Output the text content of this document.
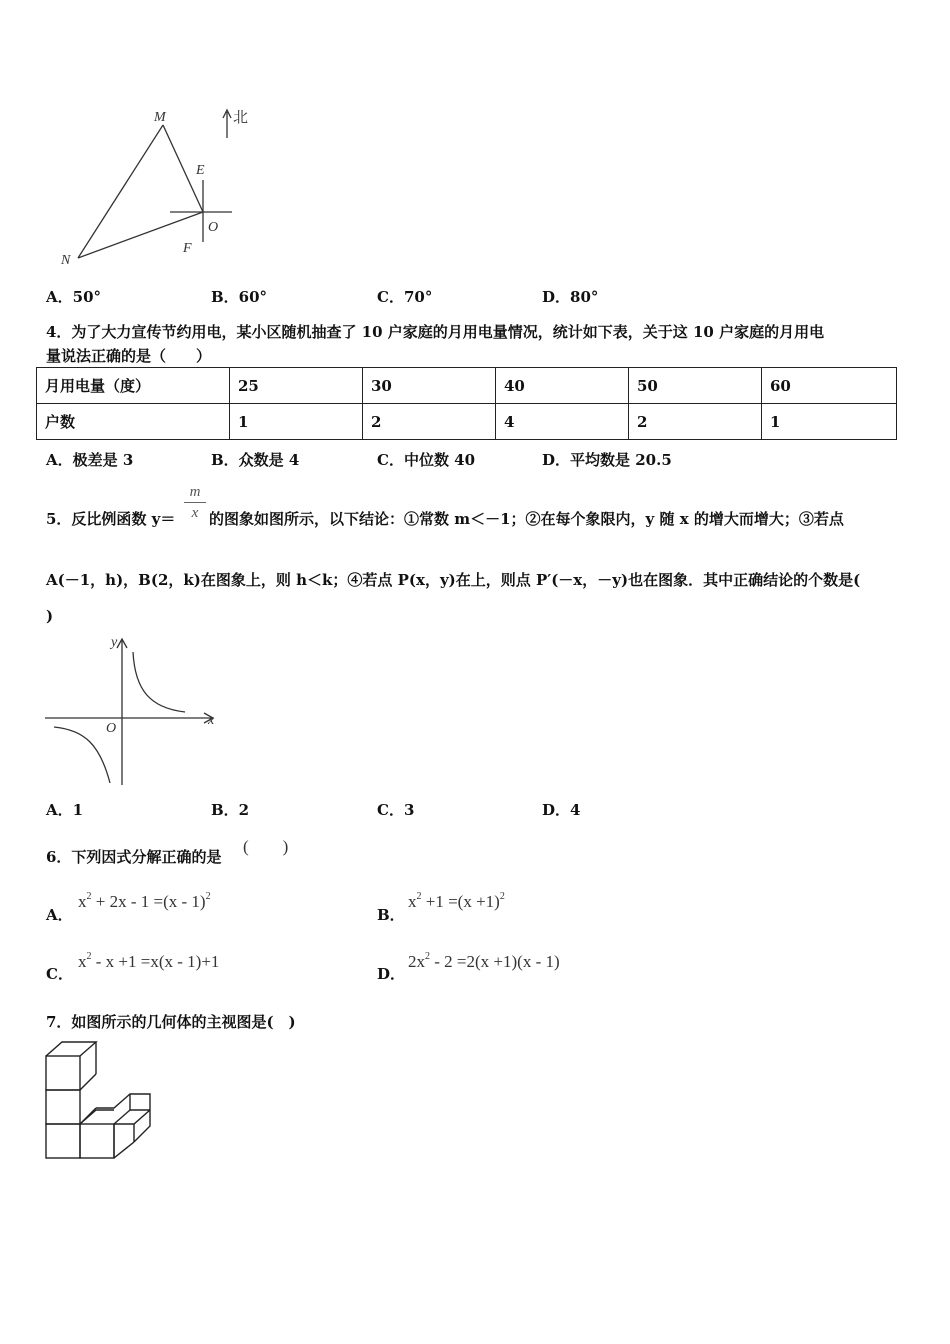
M
E
O
F
N
北
A．50°	B．60°	C．70°	D．80°
4．为了大力宣传节约用电，某小区随机抽查了 10 户家庭的月用电量情况，统计如下表，关于这 10 户家庭的月用电
量说法正确的是（　　）
月用电量（度）	25	30	40	50	60
户数	1	2	4	2	1
A．极差是 3	B．众数是 4	C．中位数 40	D．平均数是 20.5
5．反比例函数 y＝
m
x 的图象如图所示，以下结论：①常数 m＜－1；②在每个象限内，y 随 x 的增大而增大；③若点
A(－1，h)，B(2，k)在图象上，则 h＜k；④若点 P(x，y)在上，则点 P′(－x，－y)也在图象．其中正确结论的个数是(
)
y
x
O
A．1	B．2	C．3	D．4
6．下列因式分解正确的是
(　　)
A．
$x^2 + 2x - 1 =(x - 1)^2$
B．
$x^2 +1 =(x +1)^2$
C．
$x^2 - x +1 =x(x - 1)+1$
D．
$2x^2 - 2 =2(x +1)(x - 1)$
7．如图所示的几何体的主视图是(　)
